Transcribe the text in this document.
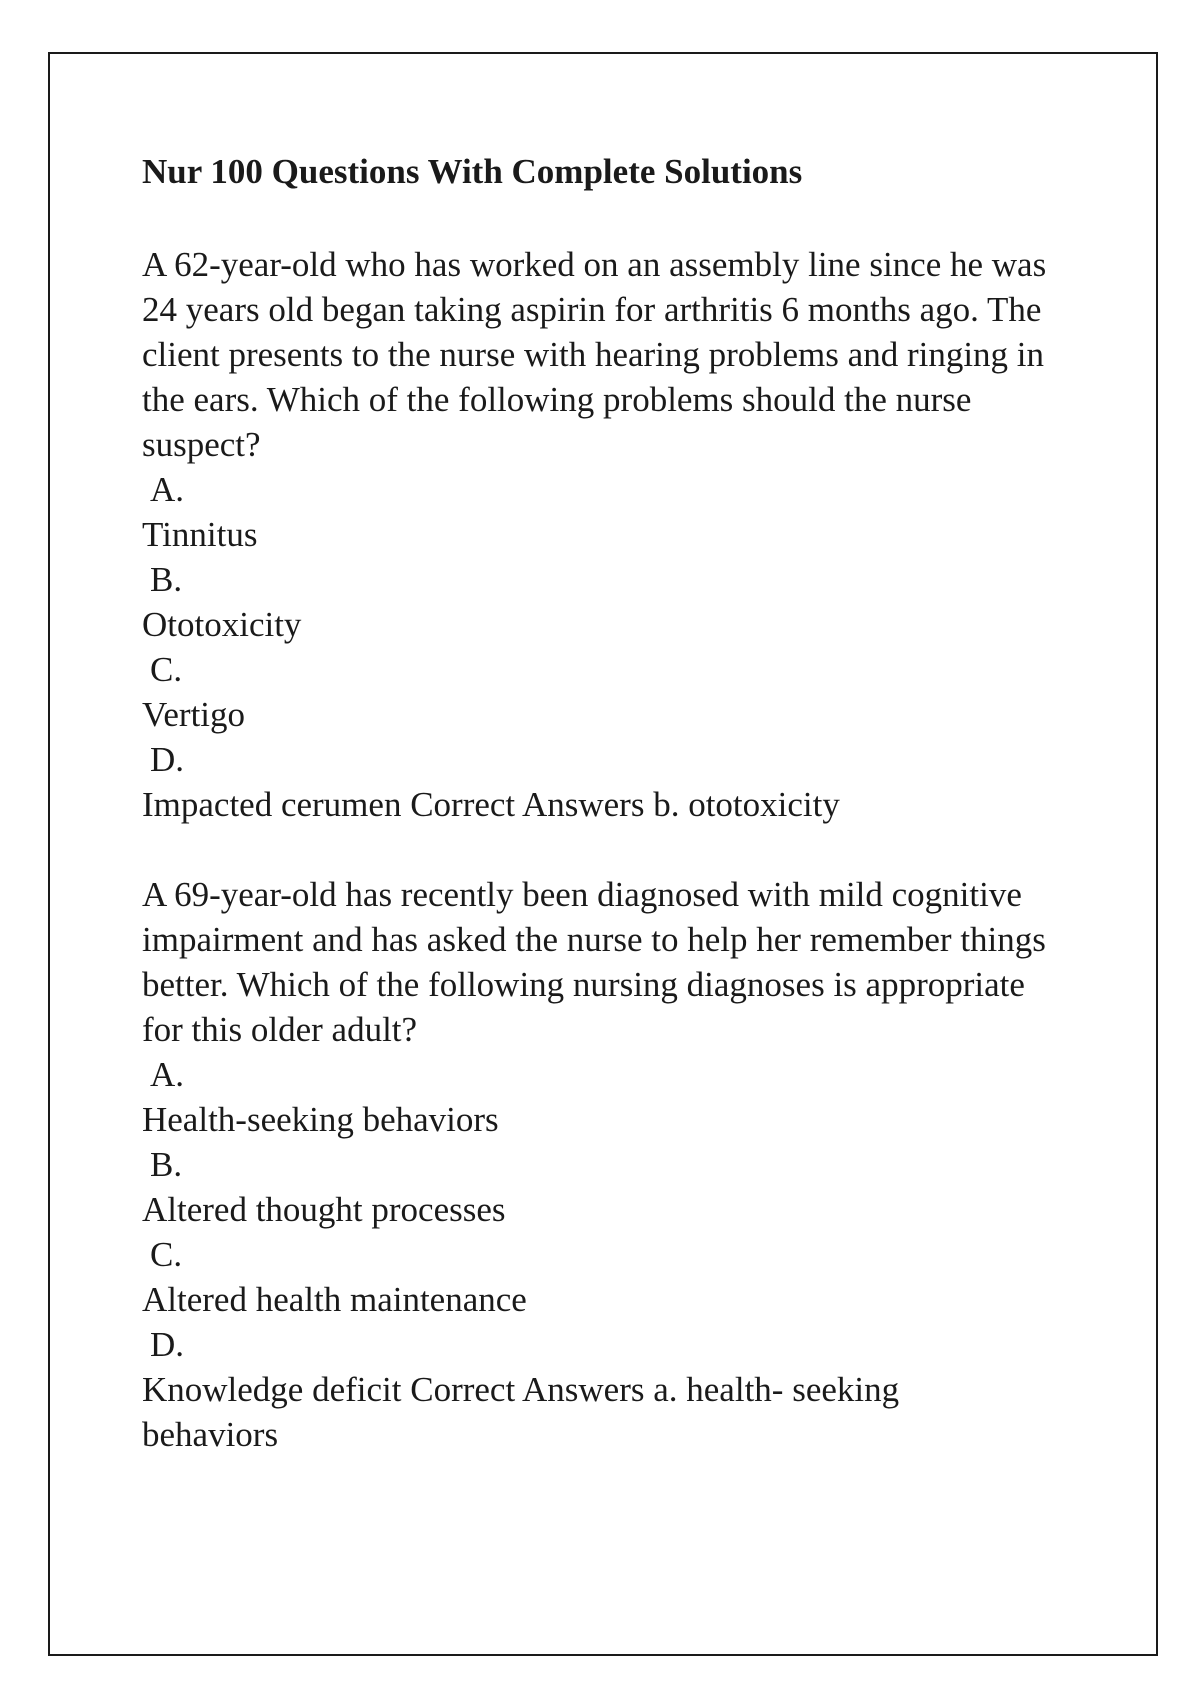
Nur 100 Questions With Complete Solutions

A 62-year-old who has worked on an assembly line since he was
24 years old began taking aspirin for arthritis 6 months ago. The
client presents to the nurse with hearing problems and ringing in
the ears. Which of the following problems should the nurse
suspect?

A.
Tinnitus
B.
Ototoxicity
C.
Vertigo
D.
Impacted cerumen Correct Answers b. ototoxicity

A 69-year-old has recently been diagnosed with mild cognitive
impairment and has asked the nurse to help her remember things
better. Which of the following nursing diagnoses is appropriate
for this older adult?

A.
Health-seeking behaviors
B.
Altered thought processes
C.
Altered health maintenance
D.
Knowledge deficit Correct Answers a. health- seeking
behaviors
